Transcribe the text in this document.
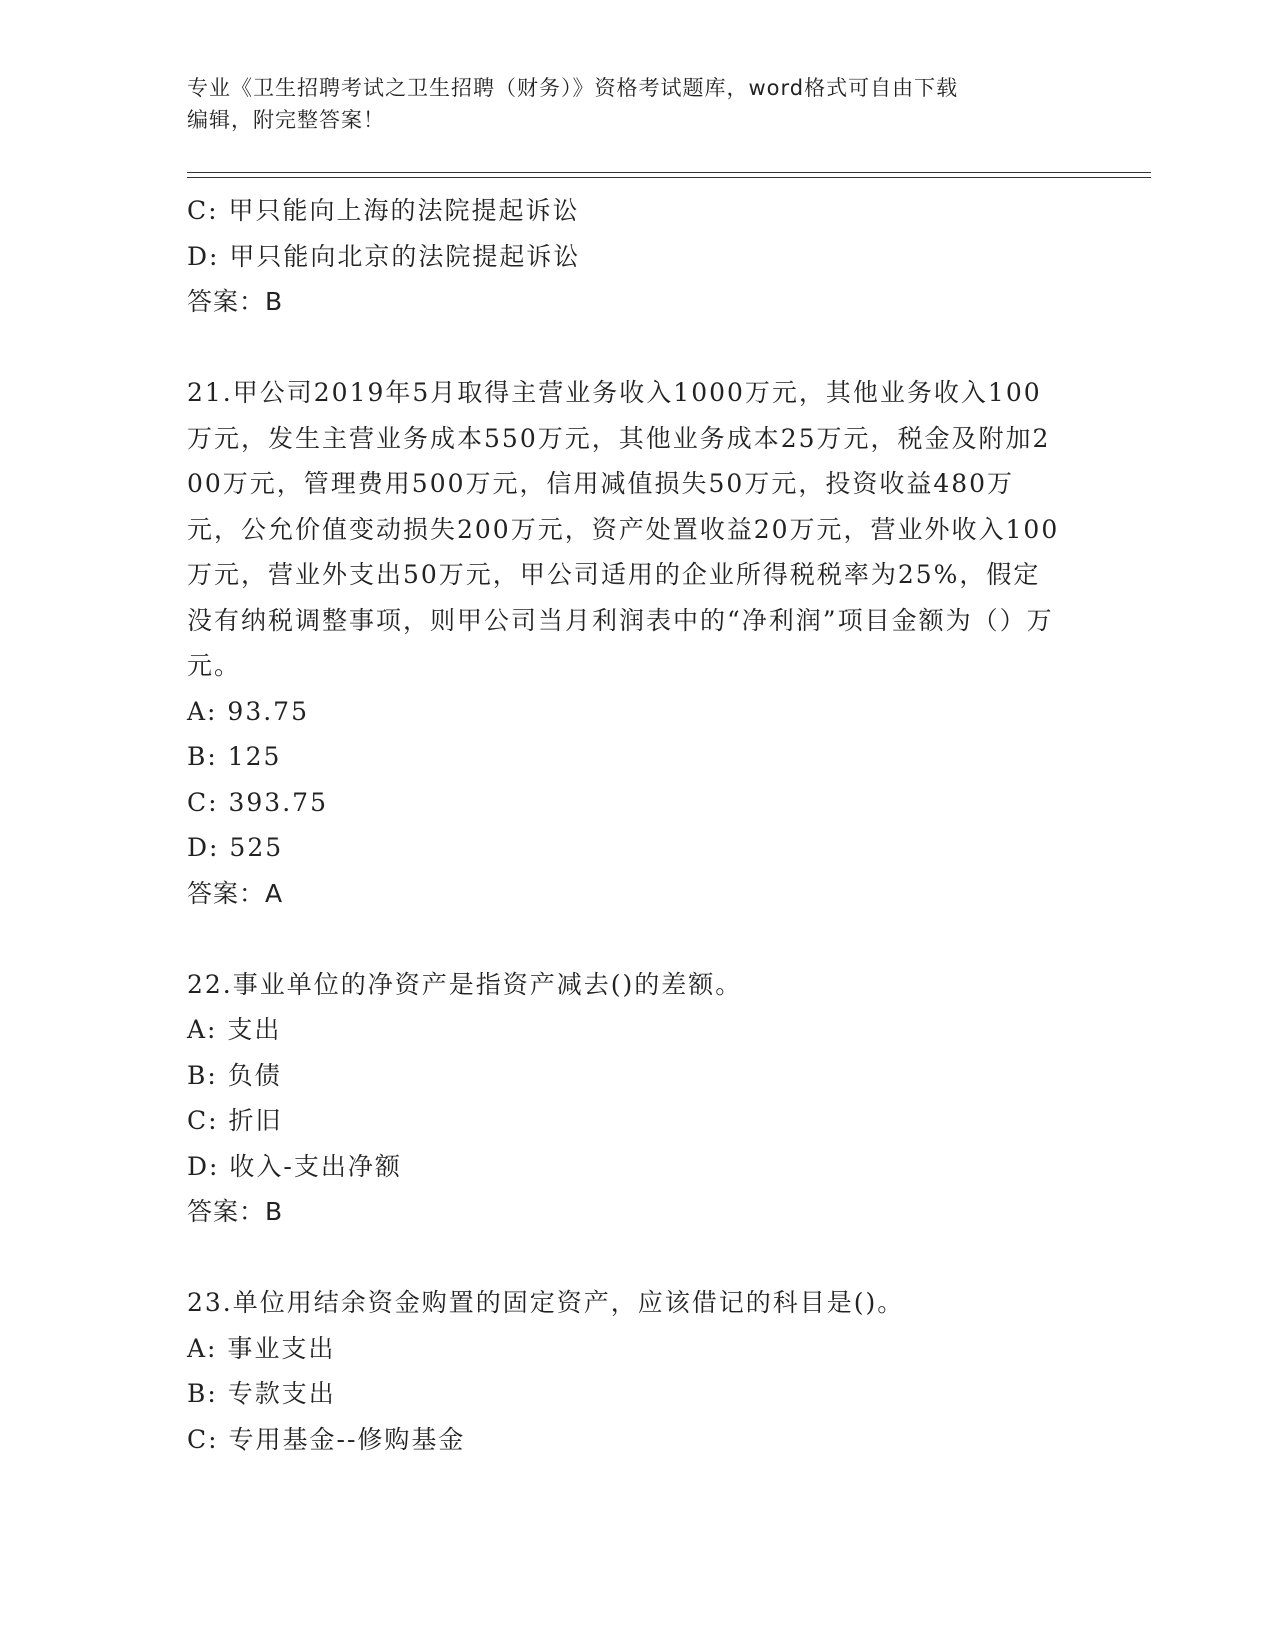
专业《卫生招聘考试之卫生招聘（财务）》资格考试题库，word格式可自由下载
编辑，附完整答案！
C: 甲只能向上海的法院提起诉讼
D: 甲只能向北京的法院提起诉讼
答案：B
21.甲公司2019年5月取得主营业务收入1000万元，其他业务收入100万元，发生主营业务成本550万元，其他业务成本25万元，税金及附加200万元，管理费用500万元，信用减值损失50万元，投资收益480万元，公允价值变动损失200万元，资产处置收益20万元，营业外收入100万元，营业外支出50万元，甲公司适用的企业所得税税率为25%，假定没有纳税调整事项，则甲公司当月利润表中的“净利润”项目金额为（）万元。
A: 93.75
B: 125
C: 393.75
D: 525
答案：A
22.事业单位的净资产是指资产减去()的差额。
A: 支出
B: 负债
C: 折旧
D: 收入-支出净额
答案：B
23.单位用结余资金购置的固定资产，应该借记的科目是()。
A: 事业支出
B: 专款支出
C: 专用基金--修购基金
